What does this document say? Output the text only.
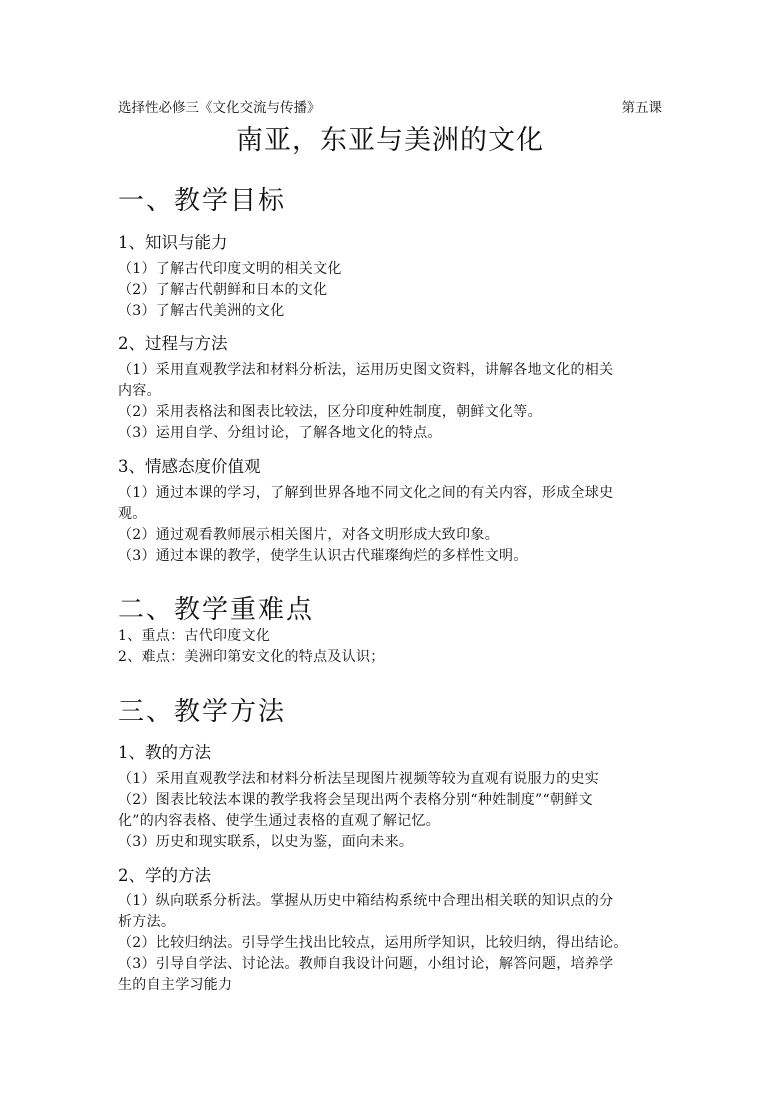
选择性必修三《文化交流与传播》	第五课
南亚，东亚与美洲的文化
一、教学目标
1、知识与能力
（1）了解古代印度文明的相关文化
（2）了解古代朝鲜和日本的文化
（3）了解古代美洲的文化
2、过程与方法
（1）采用直观教学法和材料分析法，运用历史图文资料，讲解各地文化的相关
内容。
（2）采用表格法和图表比较法，区分印度种姓制度，朝鲜文化等。
（3）运用自学、分组讨论，了解各地文化的特点。
3、情感态度价值观
（1）通过本课的学习，了解到世界各地不同文化之间的有关内容，形成全球史
观。
（2）通过观看教师展示相关图片，对各文明形成大致印象。
（3）通过本课的教学，使学生认识古代璀璨绚烂的多样性文明。
二、教学重难点
1、重点：古代印度文化
2、难点：美洲印第安文化的特点及认识；
三、教学方法
1、教的方法
（1）采用直观教学法和材料分析法呈现图片视频等较为直观有说服力的史实
（2）图表比较法本课的教学我将会呈现出两个表格分别“种姓制度”“朝鲜文
化”的内容表格、使学生通过表格的直观了解记忆。
（3）历史和现实联系，以史为鉴，面向未来。
2、学的方法
（1）纵向联系分析法。掌握从历史中箱结构系统中合理出相关联的知识点的分
析方法。
（2）比较归纳法。引导学生找出比较点，运用所学知识，比较归纳，得出结论。
（3）引导自学法、讨论法。教师自我设计问题，小组讨论，解答问题，培养学
生的自主学习能力
